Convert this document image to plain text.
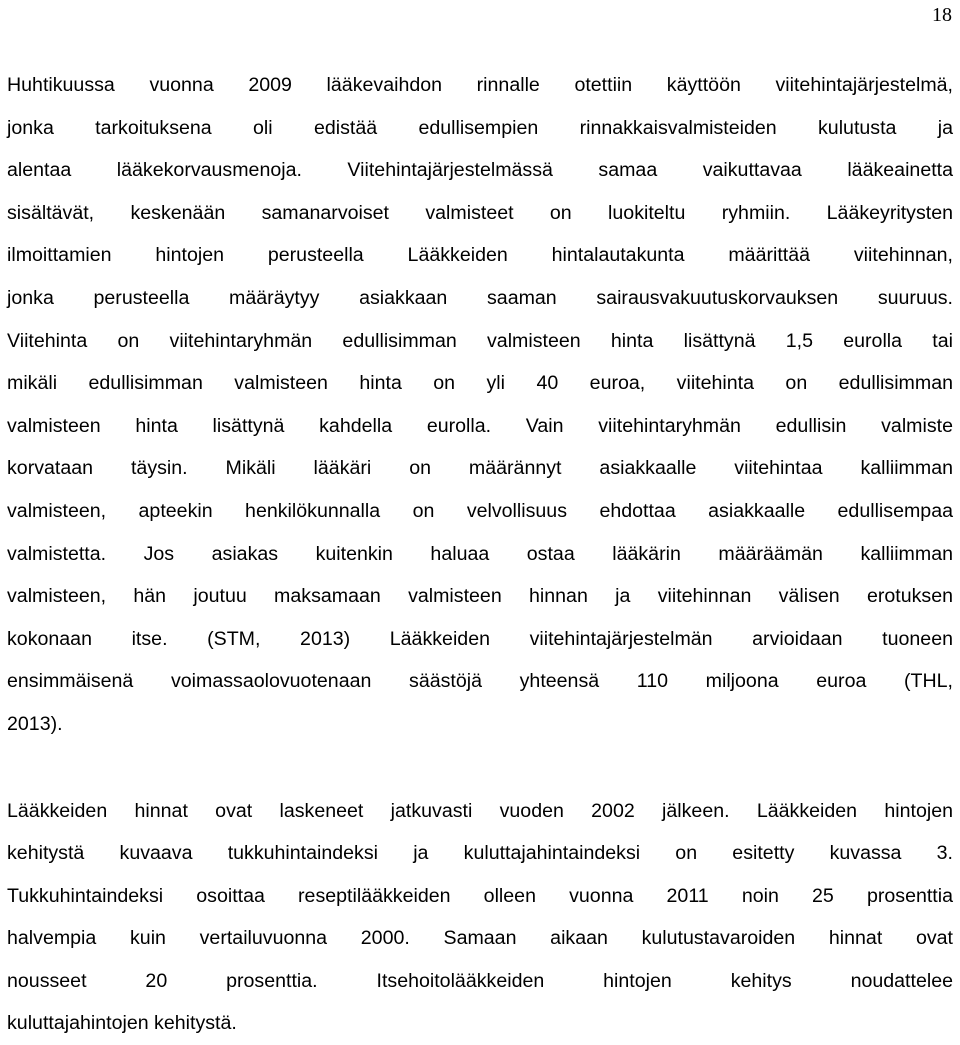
18
Huhtikuussa vuonna 2009 lääkevaihdon rinnalle otettiin käyttöön viitehintajärjestelmä,
jonka tarkoituksena oli edistää edullisempien rinnakkaisvalmisteiden kulutusta ja
alentaa lääkekorvausmenoja. Viitehintajärjestelmässä samaa vaikuttavaa lääkeainetta
sisältävät, keskenään samanarvoiset valmisteet on luokiteltu ryhmiin. Lääkeyritysten
ilmoittamien hintojen perusteella Lääkkeiden hintalautakunta määrittää viitehinnan,
jonka perusteella määräytyy asiakkaan saaman sairausvakuutuskorvauksen suuruus.
Viitehinta on viitehintaryhmän edullisimman valmisteen hinta lisättynä 1,5 eurolla tai
mikäli edullisimman valmisteen hinta on yli 40 euroa, viitehinta on edullisimman
valmisteen hinta lisättynä kahdella eurolla. Vain viitehintaryhmän edullisin valmiste
korvataan täysin. Mikäli lääkäri on määrännyt asiakkaalle viitehintaa kalliimman
valmisteen, apteekin henkilökunnalla on velvollisuus ehdottaa asiakkaalle edullisempaa
valmistetta. Jos asiakas kuitenkin haluaa ostaa lääkärin määräämän kalliimman
valmisteen, hän joutuu maksamaan valmisteen hinnan ja viitehinnan välisen erotuksen
kokonaan itse. (STM, 2013) Lääkkeiden viitehintajärjestelmän arvioidaan tuoneen
ensimmäisenä voimassaolovuotenaan säästöjä yhteensä 110 miljoona euroa (THL,
2013).
Lääkkeiden hinnat ovat laskeneet jatkuvasti vuoden 2002 jälkeen. Lääkkeiden hintojen
kehitystä kuvaava tukkuhintaindeksi ja kuluttajahintaindeksi on esitetty kuvassa 3.
Tukkuhintaindeksi osoittaa reseptilääkkeiden olleen vuonna 2011 noin 25 prosenttia
halvempia kuin vertailuvuonna 2000. Samaan aikaan kulutustavaroiden hinnat ovat
nousseet 20 prosenttia. Itsehoitolääkkeiden hintojen kehitys noudattelee
kuluttajahintojen kehitystä.
